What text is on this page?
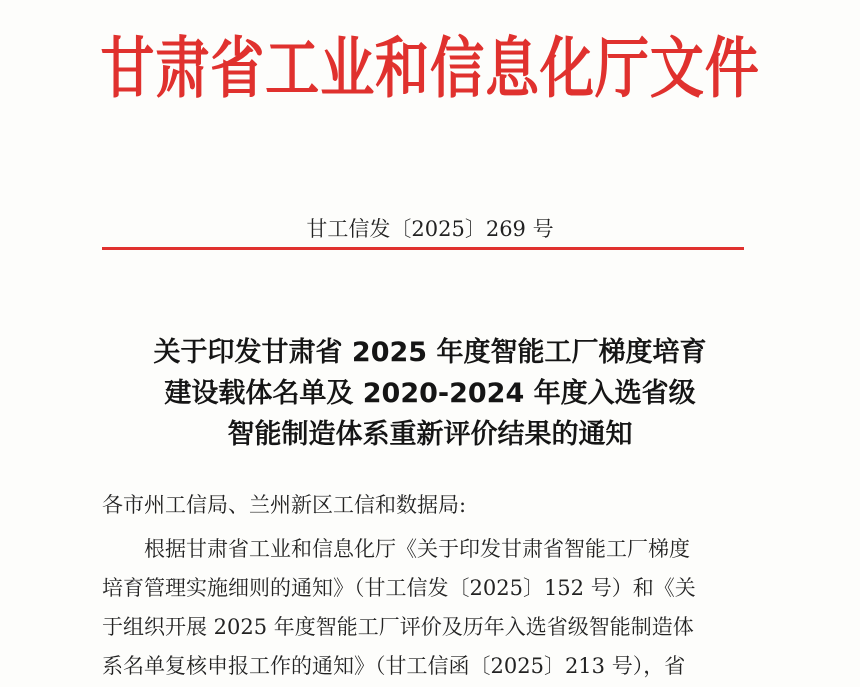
甘肃省工业和信息化厅文件
甘工信发〔2025〕269 号
关于印发甘肃省 2025 年度智能工厂梯度培育
建设载体名单及 2020-2024 年度入选省级
智能制造体系重新评价结果的通知
各市州工信局、兰州新区工信和数据局:
根据甘肃省工业和信息化厅《关于印发甘肃省智能工厂梯度
培育管理实施细则的通知》（甘工信发〔2025〕152 号）和《关
于组织开展 2025 年度智能工厂评价及历年入选省级智能制造体
系名单复核申报工作的通知》（甘工信函〔2025〕213 号），省
